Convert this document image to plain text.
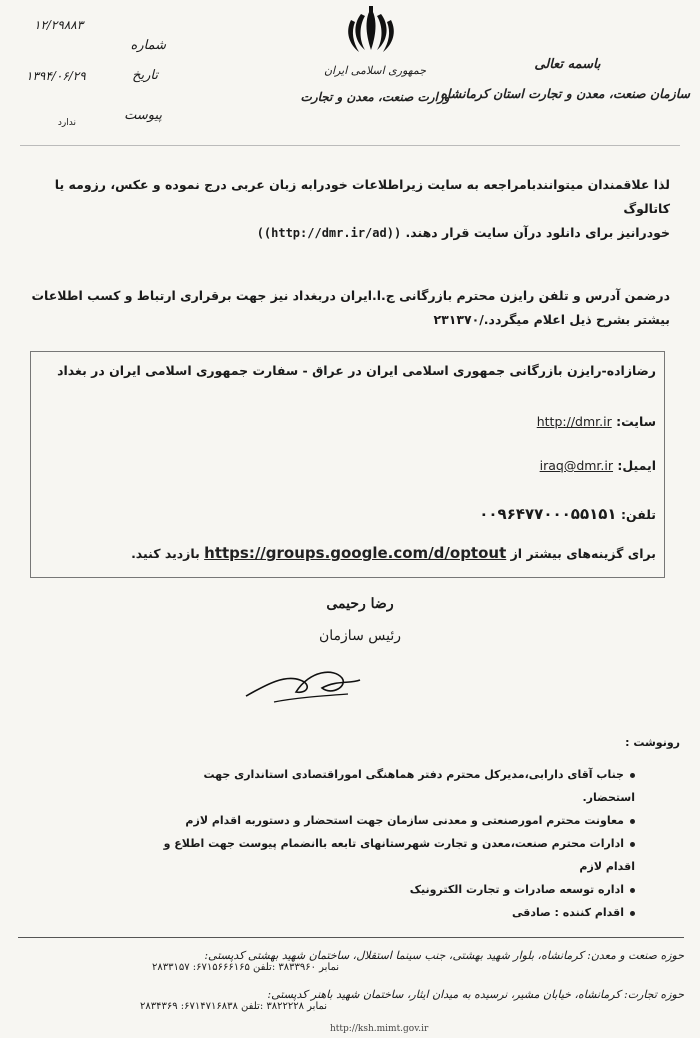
جمهوری اسلامی ایران
وزارت صنعت، معدن و تجارت
باسمه تعالی
سازمان صنعت، معدن و تجارت استان کرمانشاه
۱۲/۲۹۸۸۳
۱۳۹۴/۰۶/۲۹
شماره
تاریخ
پیوست
ندارد
لذا علاقمندان میتوانندبامراجعه به سایت زیراطلاعات خودرابه زبان عربی درج نموده و عکس، رزومه یا کاتالوگ
خودرانیز برای دانلود درآن سایت قرار دهند. ((http://dmr.ir/ad))
درضمن آدرس و تلفن رایزن محترم بازرگانی ج.ا.ایران دربغداد نیز جهت برقراری ارتباط و کسب اطلاعات
بیشتر بشرح ذیل اعلام میگردد./۲۳۱۳۷۰
رضازاده-رایزن بازرگانی جمهوری اسلامی ایران در عراق - سفارت جمهوری اسلامی ایران در بغداد
سایت: http://dmr.ir
ایمیل: iraq@dmr.ir
تلفن: ۰۰۹۶۴۷۷۰۰۰۵۵۱۵۱
برای گزینه‌های بیشتر از https://groups.google.com/d/optout بازدید کنید.
رضا رحیمی
رئیس سازمان
رونوشت :
جناب آقای دارابی،مدیرکل محترم دفتر هماهنگی اموراقتصادی استانداری جهت استحضار.
معاونت محترم امورصنعتی و معدنی سازمان جهت استحضار و دستوربه اقدام لازم
ادارات محترم صنعت،معدن و تجارت شهرستانهای تابعه باانضمام پیوست جهت اطلاع و اقدام لازم
اداره توسعه صادرات و تجارت الکترونیک
اقدام کننده : صادقی
حوزه صنعت و معدن: کرمانشاه، بلوار شهید بهشتی، جنب سینما استقلال، ساختمان شهید بهشتی کدپستی:
۲۸۳۳۱۵۷ :نمابر ۳۸۳۳۹۶۰ :تلفن ۶۷۱۵۶۶۶۱۶۵
حوزه تجارت: کرمانشاه، خیابان مشیر، نرسیده به میدان ایثار، ساختمان شهید باهنر کدپستی:
۲۸۳۴۳۶۹ :نمابر ۳۸۲۲۲۲۸ :تلفن ۶۷۱۴۷۱۶۸۳۸
http://ksh.mimt.gov.ir
